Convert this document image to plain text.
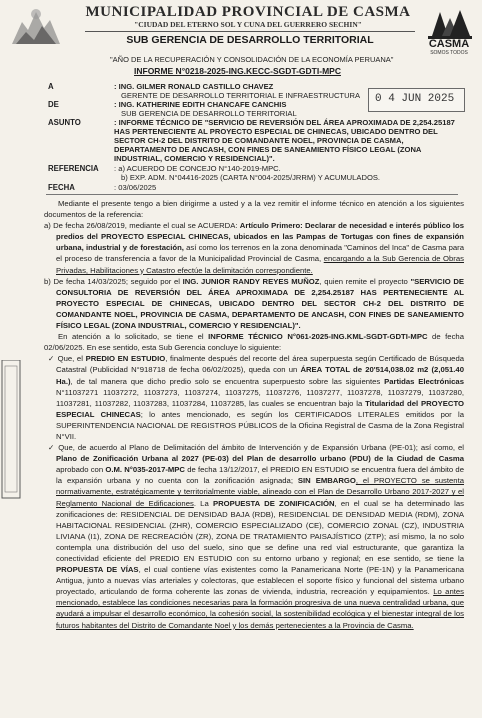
MUNICIPALIDAD PROVINCIAL DE CASMA
"CIUDAD DEL ETERNO SOL Y CUNA DEL GUERRERO SECHIN"
SUB GERENCIA DE DESARROLLO TERRITORIAL	CASMA
SOMOS TODOS
"AÑO DE LA RECUPERACIÓN Y CONSOLIDACIÓN DE LA ECONOMÍA PERUANA"
INFORME N°0218-2025-ING.KECC-SGDT-GDTI-MPC
A	: ING. GILMER RONALD CASTILLO CHAVEZ
GERENTE DE DESARROLLO TERRITORIAL E INFRAESTRUCTURA 0 4 JUN 2025
DE	: ING. KATHERINE EDITH CHANCAFE CANCHIS
SUB GERENCIA DE DESARROLLO TERRITORIAL
ASUNTO	: INFORME TÉCNICO DE "SERVICIO DE REVERSIÓN DEL ÁREA APROXIMADA DE 2,254.25187 HAS PERTENECIENTE AL PROYECTO ESPECIAL DE CHINECAS, UBICADO DENTRO DEL SECTOR CH-2 DEL DISTRITO DE COMANDANTE NOEL, PROVINCIA DE CASMA, DEPARTAMENTO DE ANCASH, CON FINES DE SANEAMIENTO FÍSICO LEGAL (ZONA INDUSTRIAL, COMERCIO Y RESIDENCIAL)".
REFERENCIA : a) ACUERDO DE CONCEJO N°140-2019-MPC.
b) EXP. ADM. N°04416-2025 (CARTA N°004-2025/JRRM) Y ACUMULADOS.
FECHA	: 03/06/2025

Mediante el presente tengo a bien dirigirme a usted y a la vez remitir el informe técnico en atención a los siguientes documentos de la referencia:

a) De fecha 26/08/2019, mediante el cual se ACUERDA: Artículo Primero: Declarar de necesidad e interés público los predios del PROYECTO ESPECIAL CHINECAS, ubicados en las Pampas de Tortugas con fines de expansión urbana, industrial y de forestación, así como los terrenos en la zona denominada "Caminos del Inca" de Casma para el proceso de transferencia a favor de la Municipalidad Provincial de Casma, encargando a la Sub Gerencia de Obras Privadas, Habilitaciones y Catastro efectúe la delimitación correspondiente.

b) De fecha 14/03/2025; seguido por el ING. JUNIOR RANDY REYES MUÑOZ, quien remite el proyecto "SERVICIO DE CONSULTORIA DE REVERSIÓN DEL ÁREA APROXIMADA DE 2,254.25187 HAS PERTENECIENTE AL PROYECTO ESPECIAL DE CHINECAS, UBICADO DENTRO DEL SECTOR CH-2 DEL DISTRITO DE COMANDANTE NOEL, PROVINCIA DE CASMA, DEPARTAMENTO DE ANCASH, CON FINES DE SANEAMIENTO FÍSICO LEGAL (ZONA INDUSTRIAL, COMERCIO Y RESIDENCIAL)".

En atención a lo solicitado, se tiene el INFORME TÉCNICO N°061-2025-ING.KML-SGDT-GDTI-MPC de fecha 02/06/2025. En ese sentido, esta Sub Gerencia concluye lo siguiente:

✓ Que, el PREDIO EN ESTUDIO, finalmente después del recorte del área superpuesta según Certificado de Búsqueda Catastral (Publicidad N°918718 de fecha 06/02/2025), queda con un ÁREA TOTAL de 20'514,038.02 m2 (2,051.40 Ha.), de tal manera que dicho predio solo se encuentra superpuesto sobre las siguientes Partidas Electrónicas N°11037271 11037272, 11037273, 11037274, 11037275, 11037276, 11037277, 11037278, 11037279, 11037280, 11037281, 11037282, 11037283, 11037284, 11037285, las cuales se encuentran bajo la Titularidad del PROYECTO ESPECIAL CHINECAS; lo antes mencionado, es según los CERTIFICADOS LITERALES emitidos por la SUPERINTENDENCIA NACIONAL DE REGISTROS PÚBLICOS de la Oficina Registral de Casma de la Zona Registral N°VII.

✓ Que, de acuerdo al Plano de Delimitación del ámbito de Intervención y de Expansión Urbana (PE-01); así como, el Plano de Zonificación Urbana al 2027 (PE-03) del Plan de desarrollo urbano (PDU) de la Ciudad de Casma aprobado con O.M. N°035-2017-MPC de fecha 13/12/2017, el PREDIO EN ESTUDIO se encuentra fuera del ámbito de la expansión urbana y no cuenta con la zonificación asignada; SIN EMBARGO, el PROYECTO se sustenta normativamente, estratégicamente y territorialmente viable, alineado con el Plan de Desarrollo Urbano 2017-2027 y el Reglamento Nacional de Edificaciones. La PROPUESTA DE ZONIFICACIÓN, en el cual se ha determinado las zonificaciones de: RESIDENCIAL DE DENSIDAD BAJA (RDB), RESIDENCIAL DE DENSIDAD MEDIA (RDM), ZONA HABITACIONAL RESIDENCIAL (ZHR), COMERCIO ESPECIALIZADO (CE), COMERCIO ZONAL (CZ), INDUSTRIA LIVIANA (I1), ZONA DE RECREACIÓN (ZR), ZONA DE TRATAMIENTO PAISAJÍSTICO (ZTP); así mismo, la no solo contempla una distribución del uso del suelo, sino que se define una red vial estructurante, que garantiza la conectividad eficiente del PREDIO EN ESTUDIO con su entorno urbano y regional; en ese sentido, se tiene la PROPUESTA DE VÍAS, el cual contiene vías existentes como la Panamericana Norte (PE-1N) y la Panamericana Antigua, junto a nuevas vías arteriales y colectoras, que establecen el soporte físico y funcional del sistema urbano proyectado, articulando de forma coherente las zonas de vivienda, industria, recreación y equipamientos. Lo antes mencionado, establece las condiciones necesarias para la formación progresiva de una nueva centralidad urbana, que ayudará a impulsar el desarrollo económico, la cohesión social, la sostenibilidad ecológica y el bienestar integral de los futuros habitantes del Distrito de Comandante Noel y los demás pertenecientes a la Provincia de Casma.
